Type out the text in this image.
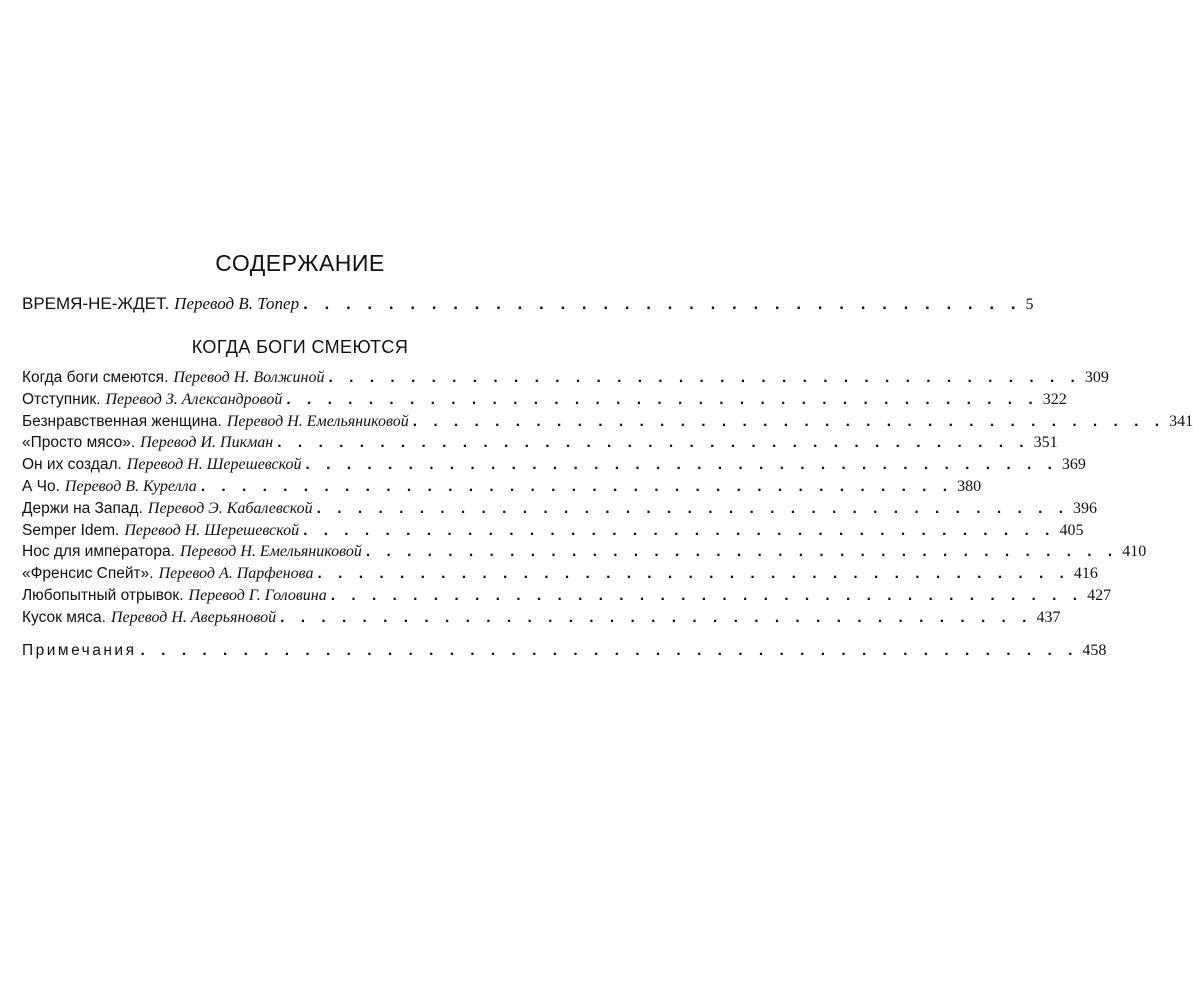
СОДЕРЖАНИЕ
ВРЕМЯ-НЕ-ЖДЕТ. Перевод В. Топер . . . . . . . . . . . . . . . . . . . . . . . . . . . . . . . . . . 5
КОГДА БОГИ СМЕЮТСЯ
Когда боги смеются. Перевод Н. Волжиной . . . . . . . . . . . . . . . . . . . . . . . . . . . . . . . . . . . . . 309
Отступник. Перевод З. Александровой . . . . . . . . . . . . . . . . . . . . . . . . . . . . . . . . . . . . . 322
Безнравственная женщина. Перевод Н. Емельяниковой . . . . . . . . . . . . . . . . . . . . . . . . . . . . . . . . . . . . . 341
«Просто мясо». Перевод И. Пикман . . . . . . . . . . . . . . . . . . . . . . . . . . . . . . . . . . . . . 351
Он их создал. Перевод Н. Шерешевской . . . . . . . . . . . . . . . . . . . . . . . . . . . . . . . . . . . . . 369
А Чо. Перевод В. Курелла . . . . . . . . . . . . . . . . . . . . . . . . . . . . . . . . . . . . . 380
Держи на Запад. Перевод Э. Кабалевской . . . . . . . . . . . . . . . . . . . . . . . . . . . . . . . . . . . . . 396
Semper Idem. Перевод Н. Шерешевской . . . . . . . . . . . . . . . . . . . . . . . . . . . . . . . . . . . . . 405
Нос для императора. Перевод Н. Емельяниковой . . . . . . . . . . . . . . . . . . . . . . . . . . . . . . . . . . . . . 410
«Френсис Спейт». Перевод А. Парфенова . . . . . . . . . . . . . . . . . . . . . . . . . . . . . . . . . . . . . 416
Любопытный отрывок. Перевод Г. Головина . . . . . . . . . . . . . . . . . . . . . . . . . . . . . . . . . . . . . 427
Кусок мяса. Перевод Н. Аверьяновой . . . . . . . . . . . . . . . . . . . . . . . . . . . . . . . . . . . . . 437
Примечания . . . . . . . . . . . . . . . . . . . . . . . . . . . . . . . . . . . . . . . . . . . . . . 458
